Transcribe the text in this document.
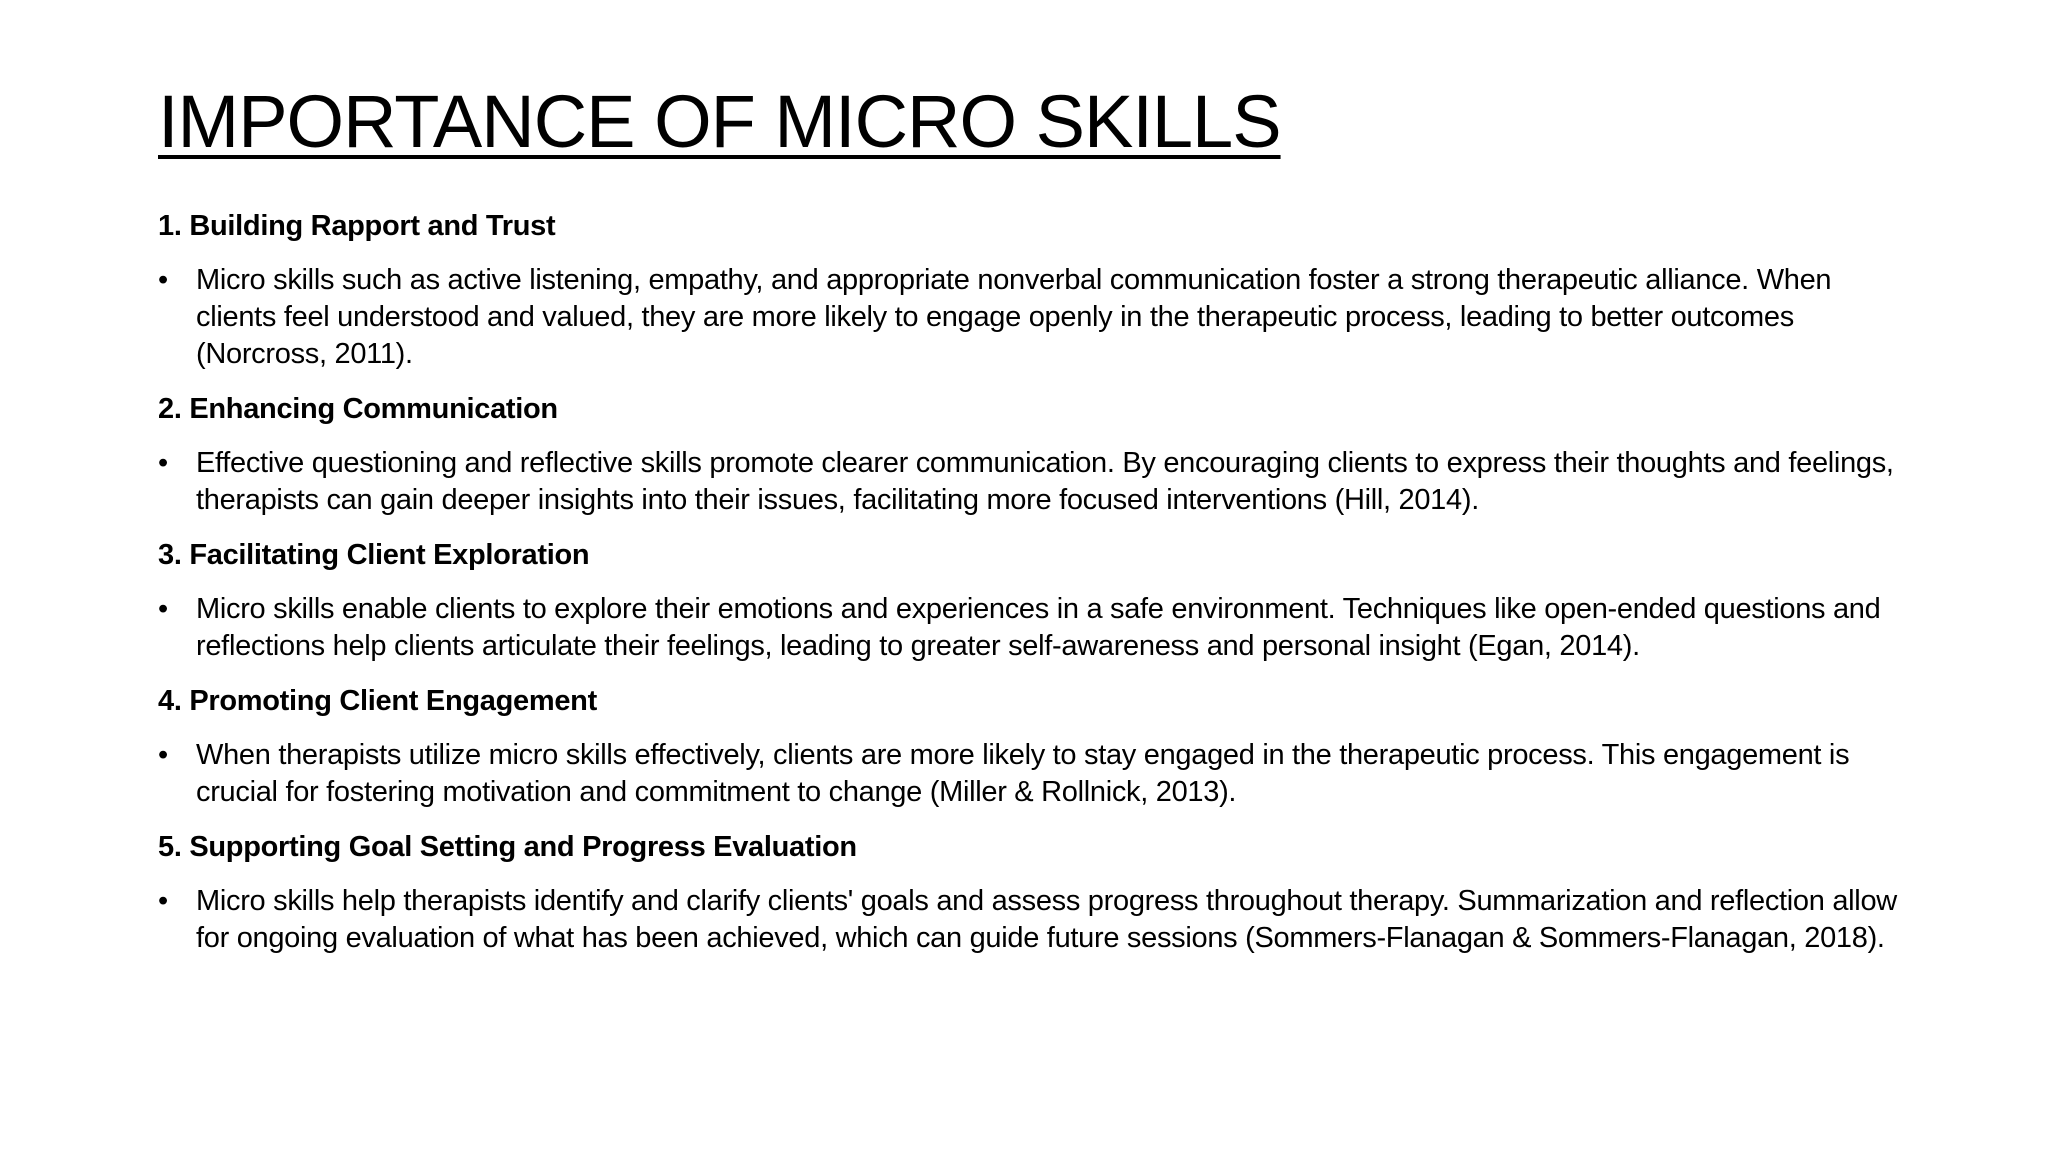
IMPORTANCE OF MICRO SKILLS

1. Building Rapport and Trust

• Micro skills such as active listening, empathy, and appropriate nonverbal communication foster a strong therapeutic alliance. When clients feel understood and valued, they are more likely to engage openly in the therapeutic process, leading to better outcomes (Norcross, 2011).

2. Enhancing Communication

• Effective questioning and reflective skills promote clearer communication. By encouraging clients to express their thoughts and feelings, therapists can gain deeper insights into their issues, facilitating more focused interventions (Hill, 2014).

3. Facilitating Client Exploration

• Micro skills enable clients to explore their emotions and experiences in a safe environment. Techniques like open-ended questions and reflections help clients articulate their feelings, leading to greater self-awareness and personal insight (Egan, 2014).

4. Promoting Client Engagement

• When therapists utilize micro skills effectively, clients are more likely to stay engaged in the therapeutic process. This engagement is crucial for fostering motivation and commitment to change (Miller & Rollnick, 2013).

5. Supporting Goal Setting and Progress Evaluation

• Micro skills help therapists identify and clarify clients' goals and assess progress throughout therapy. Summarization and reflection allow for ongoing evaluation of what has been achieved, which can guide future sessions (Sommers-Flanagan & Sommers-Flanagan, 2018).
